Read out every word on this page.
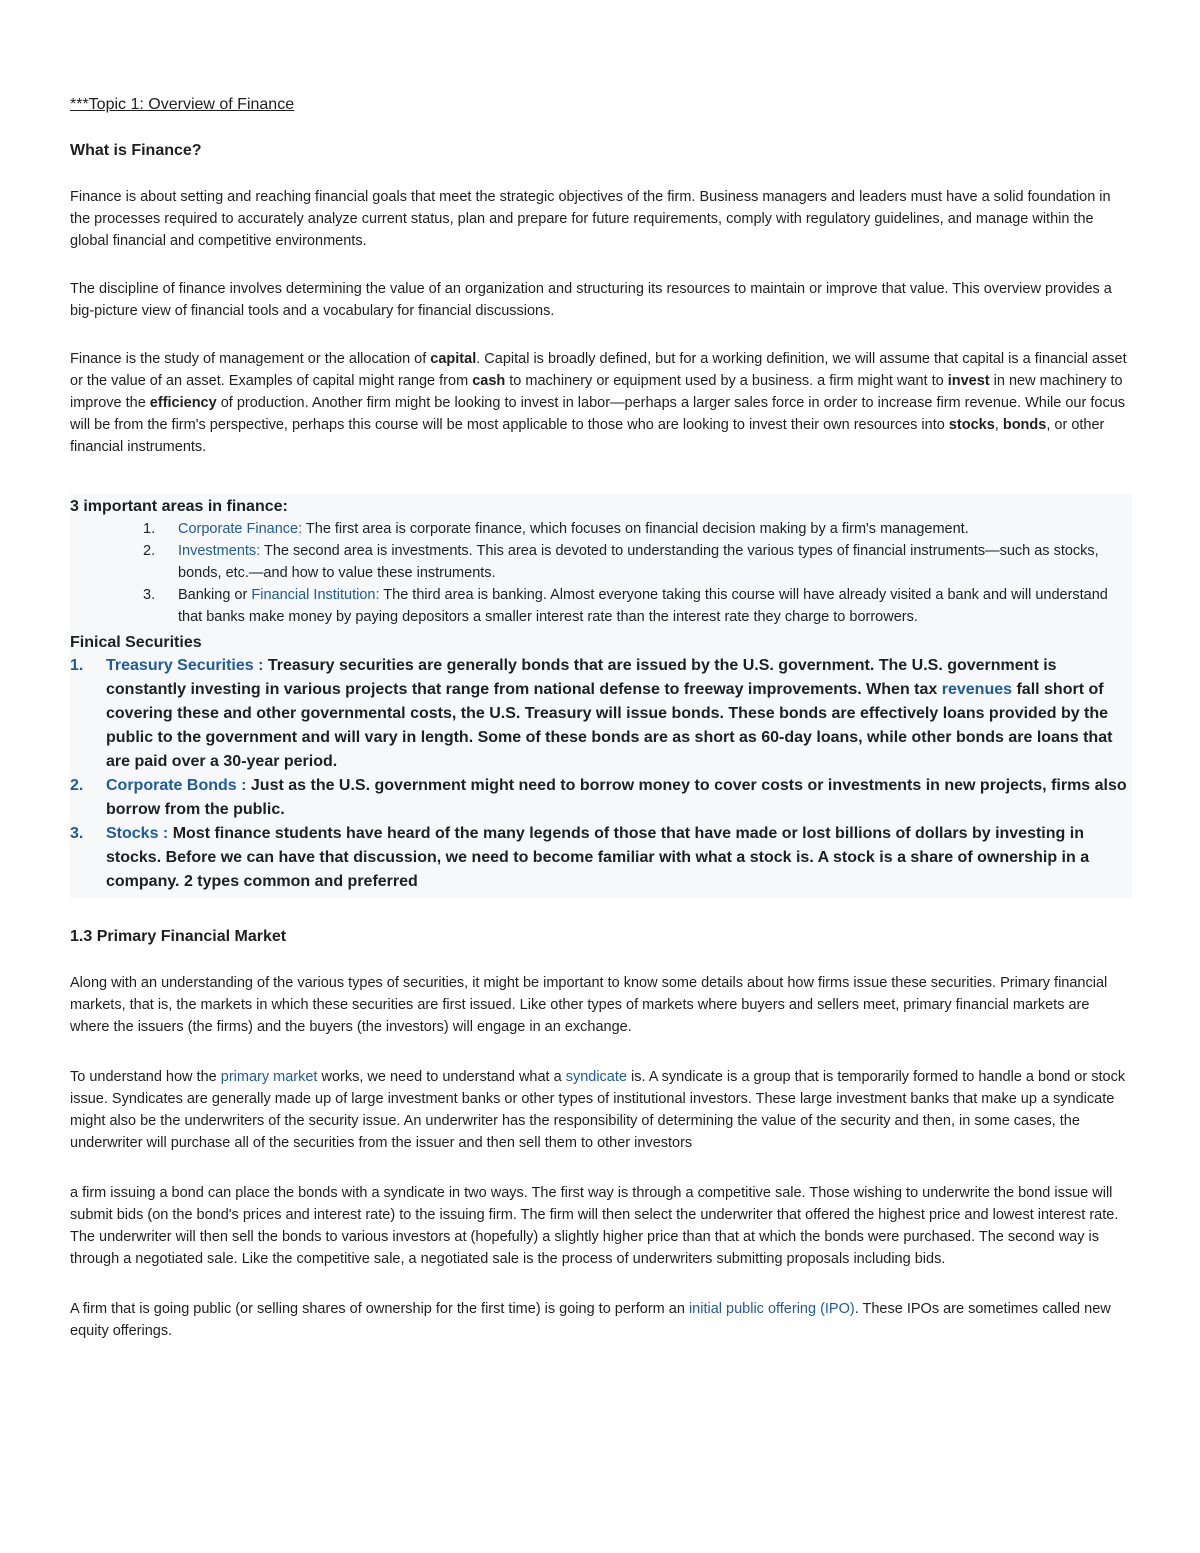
***Topic 1: Overview of Finance
What is Finance?

Finance is about setting and reaching financial goals that meet the strategic objectives of the firm. Business managers and leaders must have a solid foundation in the processes required to accurately analyze current status, plan and prepare for future requirements, comply with regulatory guidelines, and manage within the global financial and competitive environments.

The discipline of finance involves determining the value of an organization and structuring its resources to maintain or improve that value. This overview provides a big-picture view of financial tools and a vocabulary for financial discussions.

Finance is the study of management or the allocation of capital. Capital is broadly defined, but for a working definition, we will assume that capital is a financial asset or the value of an asset. Examples of capital might range from cash to machinery or equipment used by a business. a firm might want to invest in new machinery to improve the efficiency of production. Another firm might be looking to invest in labor—perhaps a larger sales force in order to increase firm revenue. While our focus will be from the firm's perspective, perhaps this course will be most applicable to those who are looking to invest their own resources into stocks, bonds, or other financial instruments.

3 important areas in finance:
1. Corporate Finance: The first area is corporate finance, which focuses on financial decision making by a firm's management.
2. Investments: The second area is investments. This area is devoted to understanding the various types of financial instruments—such as stocks, bonds, etc.—and how to value these instruments.
3. Banking or Financial Institution: The third area is banking. Almost everyone taking this course will have already visited a bank and will understand that banks make money by paying depositors a smaller interest rate than the interest rate they charge to borrowers.
Finical Securities
1. Treasury Securities : Treasury securities are generally bonds that are issued by the U.S. government. The U.S. government is constantly investing in various projects that range from national defense to freeway improvements. When tax revenues fall short of covering these and other governmental costs, the U.S. Treasury will issue bonds. These bonds are effectively loans provided by the public to the government and will vary in length. Some of these bonds are as short as 60-day loans, while other bonds are loans that are paid over a 30-year period.
2. Corporate Bonds : Just as the U.S. government might need to borrow money to cover costs or investments in new projects, firms also borrow from the public.
3. Stocks : Most finance students have heard of the many legends of those that have made or lost billions of dollars by investing in stocks. Before we can have that discussion, we need to become familiar with what a stock is. A stock is a share of ownership in a company. 2 types common and preferred
1.3 Primary Financial Market

Along with an understanding of the various types of securities, it might be important to know some details about how firms issue these securities. Primary financial markets, that is, the markets in which these securities are first issued. Like other types of markets where buyers and sellers meet, primary financial markets are where the issuers (the firms) and the buyers (the investors) will engage in an exchange.

To understand how the primary market works, we need to understand what a syndicate is. A syndicate is a group that is temporarily formed to handle a bond or stock issue. Syndicates are generally made up of large investment banks or other types of institutional investors. These large investment banks that make up a syndicate might also be the underwriters of the security issue. An underwriter has the responsibility of determining the value of the security and then, in some cases, the underwriter will purchase all of the securities from the issuer and then sell them to other investors

a firm issuing a bond can place the bonds with a syndicate in two ways. The first way is through a competitive sale. Those wishing to underwrite the bond issue will submit bids (on the bond's prices and interest rate) to the issuing firm. The firm will then select the underwriter that offered the highest price and lowest interest rate. The underwriter will then sell the bonds to various investors at (hopefully) a slightly higher price than that at which the bonds were purchased. The second way is through a negotiated sale. Like the competitive sale, a negotiated sale is the process of underwriters submitting proposals including bids.

A firm that is going public (or selling shares of ownership for the first time) is going to perform an initial public offering (IPO). These IPOs are sometimes called new equity offerings.
